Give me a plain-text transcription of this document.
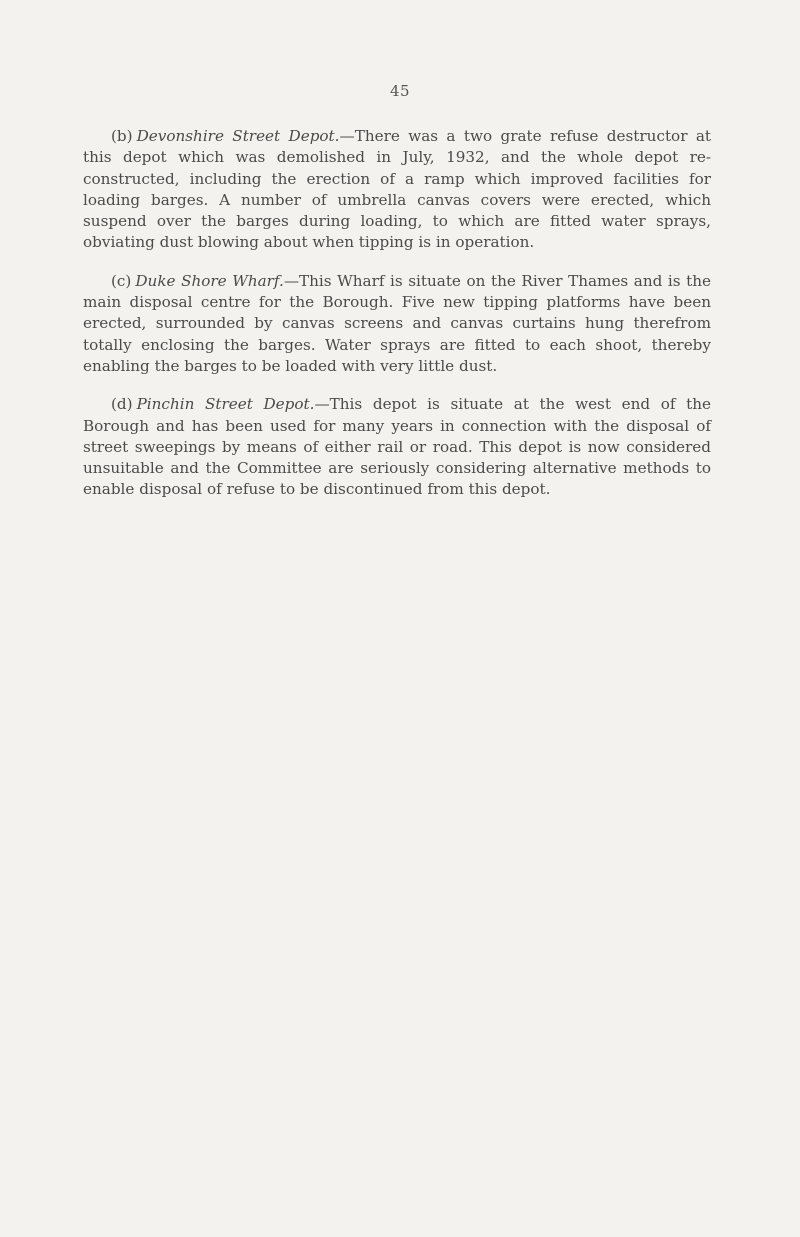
45

(b) Devonshire Street Depot.—There was a two grate refuse destructor at this depot which was demolished in July, 1932, and the whole depot re-constructed, including the erection of a ramp which improved facilities for loading barges. A number of umbrella canvas covers were erected, which suspend over the barges during loading, to which are fitted water sprays, obviating dust blowing about when tipping is in operation.

(c) Duke Shore Wharf.—This Wharf is situate on the River Thames and is the main disposal centre for the Borough. Five new tipping platforms have been erected, surrounded by canvas screens and canvas curtains hung therefrom totally enclosing the barges. Water sprays are fitted to each shoot, thereby enabling the barges to be loaded with very little dust.

(d) Pinchin Street Depot.—This depot is situate at the west end of the Borough and has been used for many years in connection with the disposal of street sweepings by means of either rail or road. This depot is now considered unsuitable and the Committee are seriously considering alternative methods to enable disposal of refuse to be discontinued from this depot.
